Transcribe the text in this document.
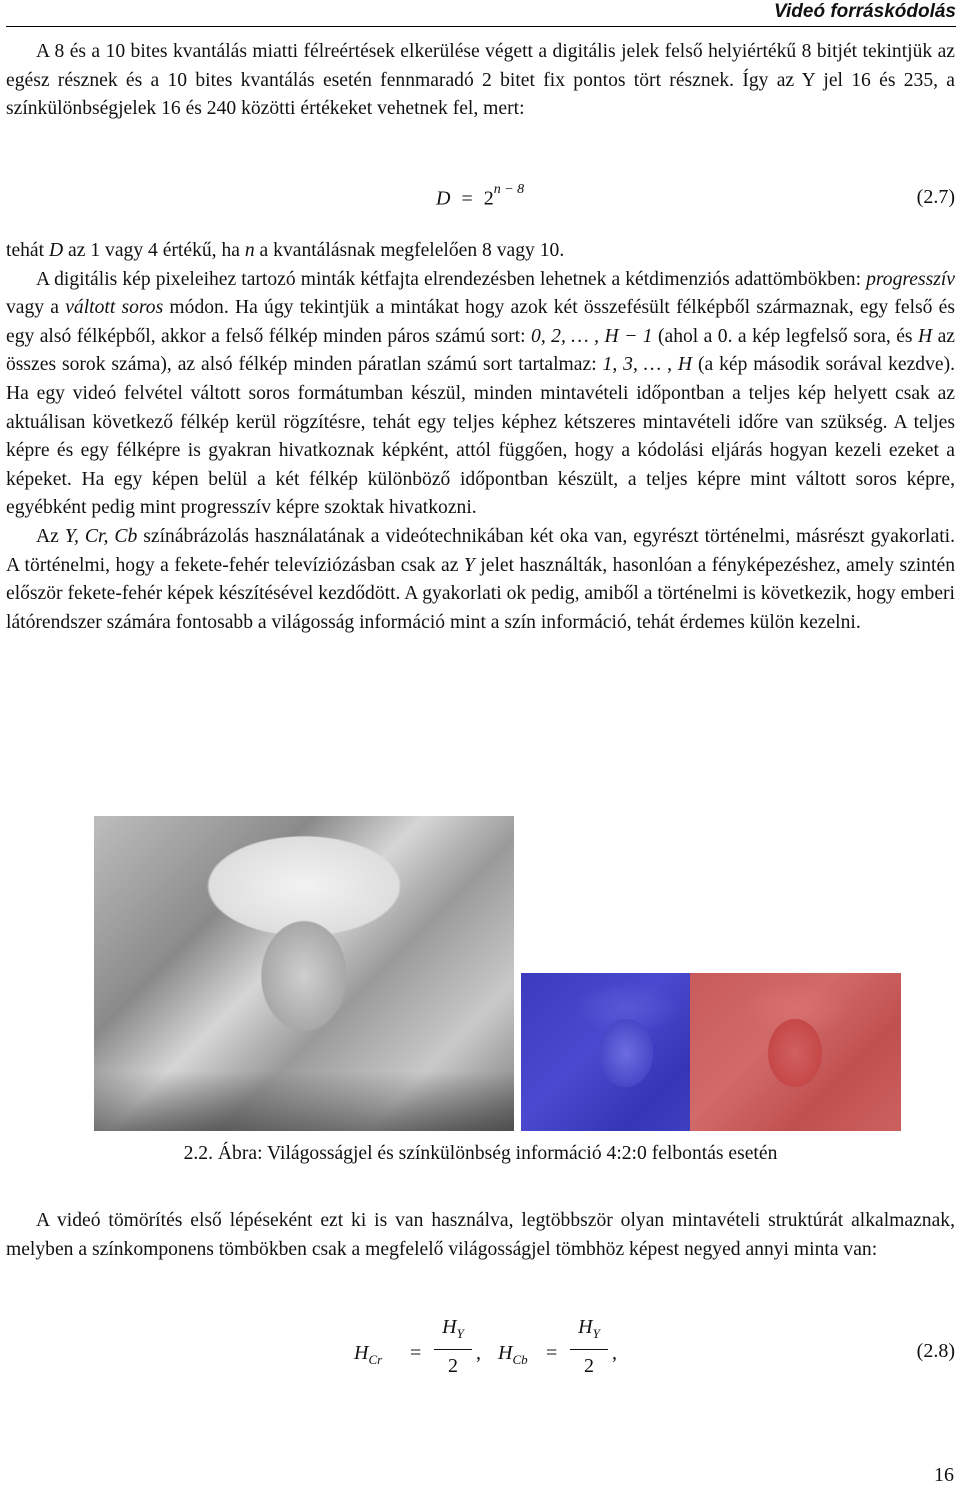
Videó forráskódolás

A 8 és a 10 bites kvantálás miatti félreértések elkerülése végett a digitális jelek felső helyiértékű 8 bitjét tekintjük az egész résznek és a 10 bites kvantálás esetén fennmaradó 2 bitet fix pontos tört résznek. Így az Y jel 16 és 235, a színkülönbségjelek 16 és 240 közötti értékeket vehetnek fel, mert:

$D = 2^{n - 8}$	(2.7)

tehát D az 1 vagy 4 értékű, ha n a kvantálásnak megfelelően 8 vagy 10.

A digitális kép pixeleihez tartozó minták kétfajta elrendezésben lehetnek a kétdimenziós adattömbökben: progresszív vagy a váltott soros módon. Ha úgy tekintjük a mintákat hogy azok két összefésült félképből származnak, egy felső és egy alsó félképből, akkor a felső félkép minden páros számú sort: 0, 2, … , H − 1 (ahol a 0. a kép legfelső sora, és H az összes sorok száma), az alsó félkép minden páratlan számú sort tartalmaz: 1, 3, … , H (a kép második sorával kezdve). Ha egy videó felvétel váltott soros formátumban készül, minden mintavételi időpontban a teljes kép helyett csak az aktuálisan következő félkép kerül rögzítésre, tehát egy teljes képhez kétszeres mintavételi időre van szükség. A teljes képre és egy félképre is gyakran hivatkoznak képként, attól függően, hogy a kódolási eljárás hogyan kezeli ezeket a képeket. Ha egy képen belül a két félkép különböző időpontban készült, a teljes képre mint váltott soros képre, egyébként pedig mint progresszív képre szoktak hivatkozni.

Az Y, Cr, Cb színábrázolás használatának a videótechnikában két oka van, egyrészt történelmi, másrészt gyakorlati. A történelmi, hogy a fekete-fehér televíziózásban csak az Y jelet használták, hasonlóan a fényképezéshez, amely szintén először fekete-fehér képek készítésével kezdődött. A gyakorlati ok pedig, amiből a történelmi is következik, hogy emberi látórendszer számára fontosabb a világosság információ mint a szín információ, tehát érdemes külön kezelni.

2.2. Ábra: Világosságjel és színkülönbség információ 4:2:0 felbontás esetén

A videó tömörítés első lépéseként ezt ki is van használva, legtöbbször olyan mintavételi struktúrát alkalmaznak, melyben a színkomponens tömbökben csak a megfelelő világosságjel tömbhöz képest negyed annyi minta van:

$H_{Cr}$ =
$H_Y$
2
, $H_{Cb}$ =
$H_Y$
2
,	(2.8)
16
